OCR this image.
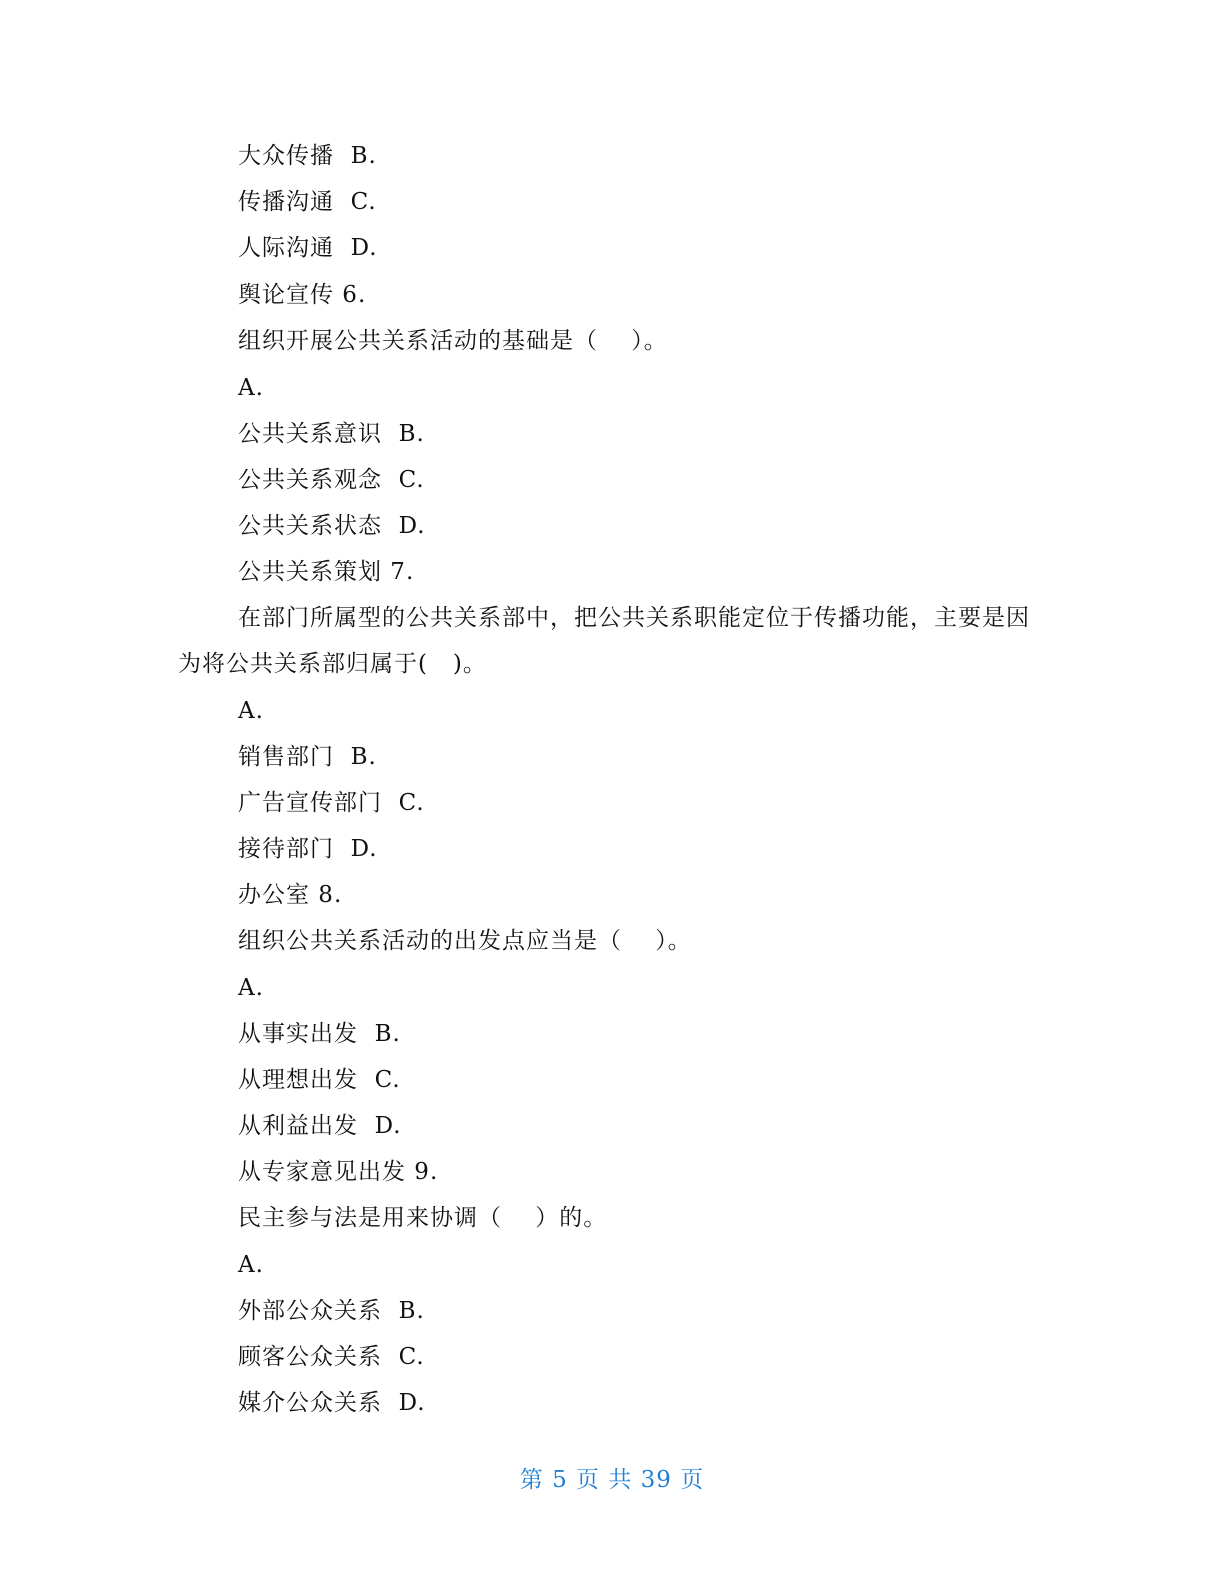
大众传播  B.
传播沟通  C.
人际沟通  D.
舆论宣传 6.
组织开展公共关系活动的基础是（    ）。
A.
公共关系意识  B.
公共关系观念  C.
公共关系状态  D.
公共关系策划 7.
在部门所属型的公共关系部中，把公共关系职能定位于传播功能，主要是因
为将公共关系部归属于(   )。
A.
销售部门  B.
广告宣传部门  C.
接待部门  D.
办公室 8.
组织公共关系活动的出发点应当是（    ）。
A.
从事实出发  B.
从理想出发  C.
从利益出发  D.
从专家意见出发 9.
民主参与法是用来协调（    ）的。
A.
外部公众关系  B.
顾客公众关系  C.
媒介公众关系  D.
第 5 页 共 39 页
